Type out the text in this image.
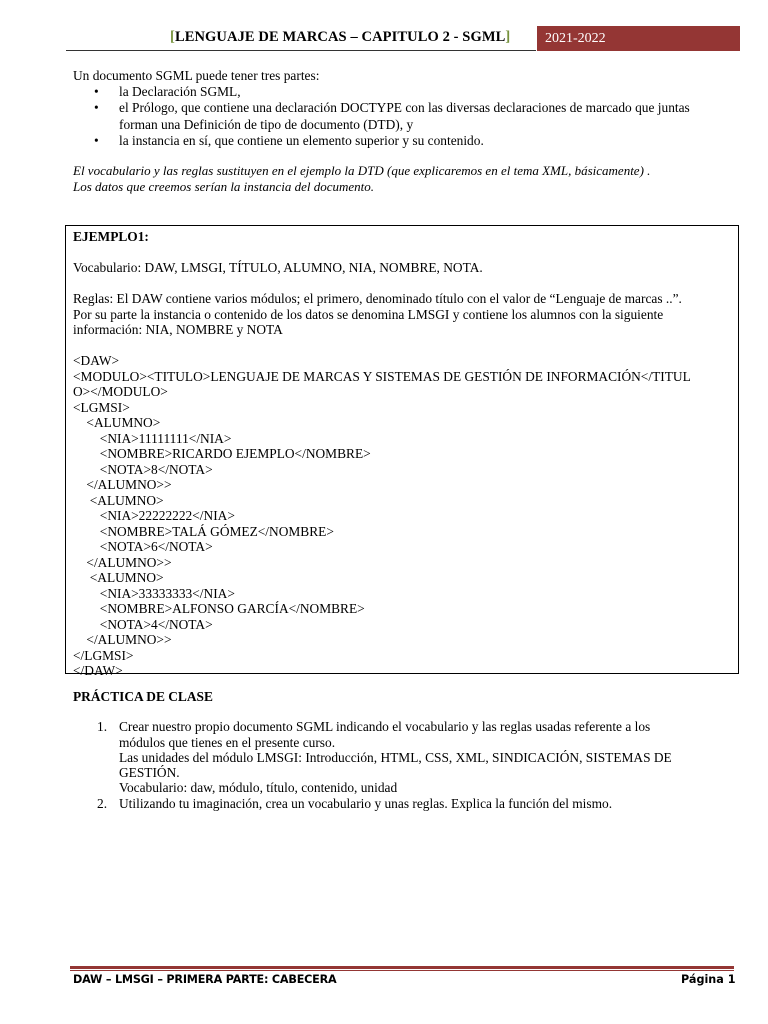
[LENGUAJE DE MARCAS – CAPITULO 2 - SGML]	2021-2022
Un documento SGML puede tener tres partes:
• la Declaración SGML,
• el Prólogo, que contiene una declaración DOCTYPE con las diversas declaraciones de marcado que juntas
forman una Definición de tipo de documento (DTD), y
• la instancia en sí, que contiene un elemento superior y su contenido.
El vocabulario y las reglas sustituyen en el ejemplo la DTD (que explicaremos en el tema XML, básicamente) .
Los datos que creemos serían la instancia del documento.
EJEMPLO1:
Vocabulario: DAW, LMSGI, TÍTULO, ALUMNO, NIA, NOMBRE, NOTA.
Reglas: El DAW contiene varios módulos; el primero, denominado título con el valor de “Lenguaje de marcas ..”.
Por su parte la instancia o contenido de los datos se denomina LMSGI y contiene los alumnos con la siguiente
información: NIA, NOMBRE y NOTA
<DAW>
<MODULO><TITULO>LENGUAJE DE MARCAS Y SISTEMAS DE GESTIÓN DE INFORMACIÓN</TITUL
O></MODULO>
<LGMSI>
<ALUMNO>
<NIA>11111111</NIA>
<NOMBRE>RICARDO EJEMPLO</NOMBRE>
<NOTA>8</NOTA>
</ALUMNO>>
<ALUMNO>
<NIA>22222222</NIA>
<NOMBRE>TALÁ GÓMEZ</NOMBRE>
<NOTA>6</NOTA>
</ALUMNO>>
<ALUMNO>
<NIA>33333333</NIA>
<NOMBRE>ALFONSO GARCÍA</NOMBRE>
<NOTA>4</NOTA>
</ALUMNO>>
</LGMSI>
</DAW>
PRÁCTICA DE CLASE
1. Crear nuestro propio documento SGML indicando el vocabulario y las reglas usadas referente a los
módulos que tienes en el presente curso.
Las unidades del módulo LMSGI: Introducción, HTML, CSS, XML, SINDICACIÓN, SISTEMAS DE
GESTIÓN.
Vocabulario: daw, módulo, título, contenido, unidad
2. Utilizando tu imaginación, crea un vocabulario y unas reglas. Explica la función del mismo.
DAW – LMSGI – PRIMERA PARTE: CABECERA	Página 1
